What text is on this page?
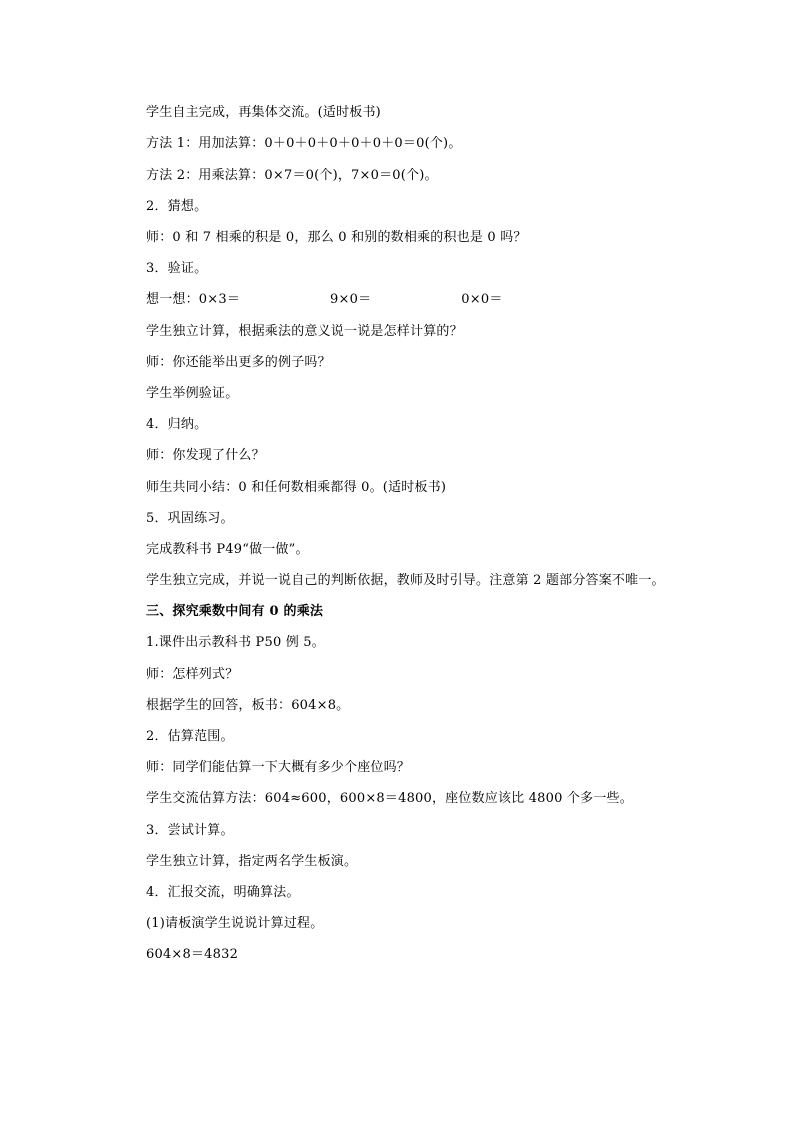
学生自主完成，再集体交流。(适时板书)
方法 1：用加法算：0＋0＋0＋0＋0＋0＋0＝0(个)。
方法 2：用乘法算：0×7＝0(个)，7×0＝0(个)。
2．猜想。
师：0 和 7 相乘的积是 0，那么 0 和别的数相乘的积也是 0 吗？
3．验证。
想一想：0×3＝	9×0＝	0×0＝
学生独立计算，根据乘法的意义说一说是怎样计算的？
师：你还能举出更多的例子吗？
学生举例验证。
4．归纳。
师：你发现了什么？
师生共同小结：0 和任何数相乘都得 0。(适时板书)
5．巩固练习。
完成教科书 P49“做一做”。
学生独立完成，并说一说自己的判断依据，教师及时引导。注意第 2 题部分答案不唯一。
三、探究乘数中间有 0 的乘法
1.课件出示教科书 P50 例 5。
师：怎样列式？
根据学生的回答，板书：604×8。
2．估算范围。
师：同学们能估算一下大概有多少个座位吗？
学生交流估算方法：604≈600，600×8＝4800，座位数应该比 4800 个多一些。
3．尝试计算。
学生独立计算，指定两名学生板演。
4．汇报交流，明确算法。
(1)请板演学生说说计算过程。
604×8＝4832
